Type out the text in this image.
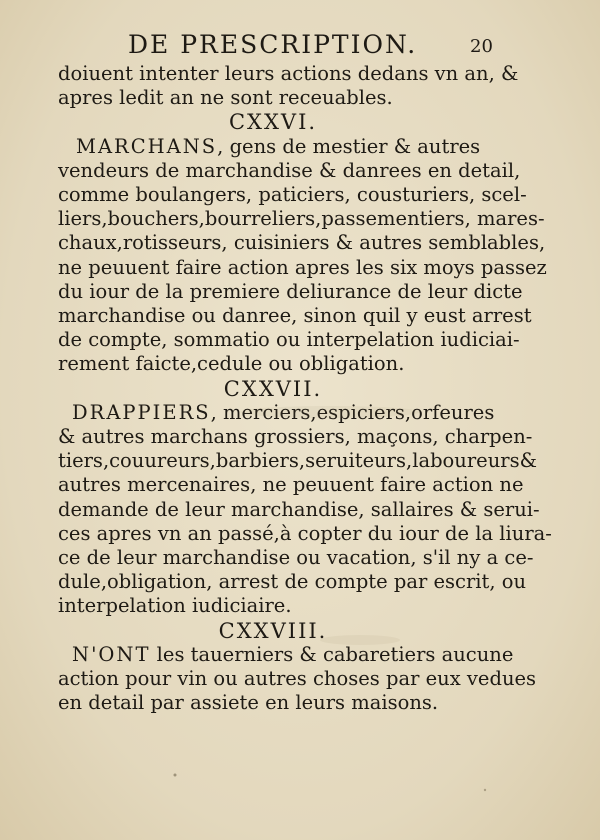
DE PRESCRIPTION.	20
doiuent intenter leurs actions dedans vn an, &
apres ledit an ne sont receuables.
CXXVI.
MARCHANS, gens de mestier & autres
vendeurs de marchandise & danrees en detail,
comme boulangers, paticiers, cousturiers, scel-
liers,bouchers,bourreliers,passementiers, mares-
chaux,rotisseurs, cuisiniers & autres semblables,
ne peuuent faire action apres les six moys passez
du iour de la premiere deliurance de leur dicte
marchandise ou danree, sinon quil y eust arrest
de compte, sommatio ou interpelation iudiciai-
rement faicte,cedule ou obligation.
CXXVII.
DRAPPIERS, merciers,espiciers,orfeures
& autres marchans grossiers, maçons, charpen-
tiers,couureurs,barbiers,seruiteurs,laboureurs&
autres mercenaires, ne peuuent faire action ne
demande de leur marchandise, sallaires & serui-
ces apres vn an passé,à copter du iour de la liura-
ce de leur marchandise ou vacation, s'il ny a ce-
dule,obligation, arrest de compte par escrit, ou
interpelation iudiciaire.
CXXVIII.
N'ONT les tauerniers & cabaretiers aucune
action pour vin ou autres choses par eux vedues
en detail par assiete en leurs maisons.
